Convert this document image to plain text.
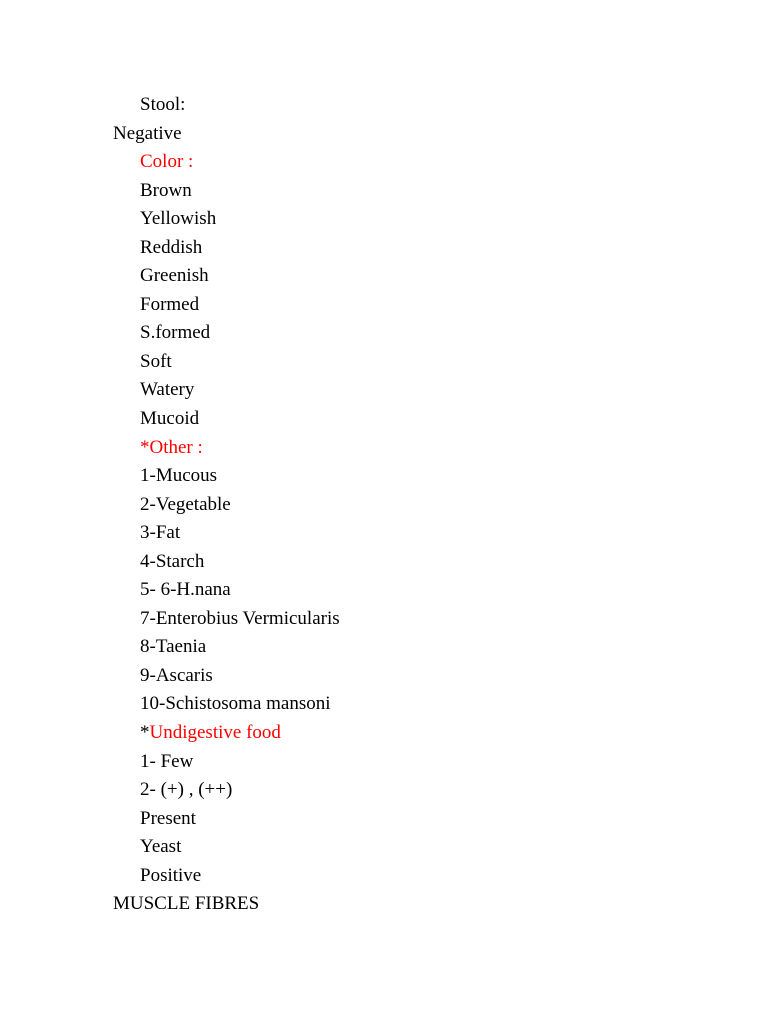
Stool:
Negative
Color :
Brown
Yellowish
Reddish
Greenish
Formed
S.formed
Soft
Watery
Mucoid
*Other :
1-Mucous
2-Vegetable
3-Fat
4-Starch
5- 6-H.nana
7-Enterobius Vermicularis
8-Taenia
9-Ascaris
10-Schistosoma mansoni
*Undigestive food
1- Few
2- (+) , (++)
Present
Yeast
Positive
MUSCLE FIBRES
